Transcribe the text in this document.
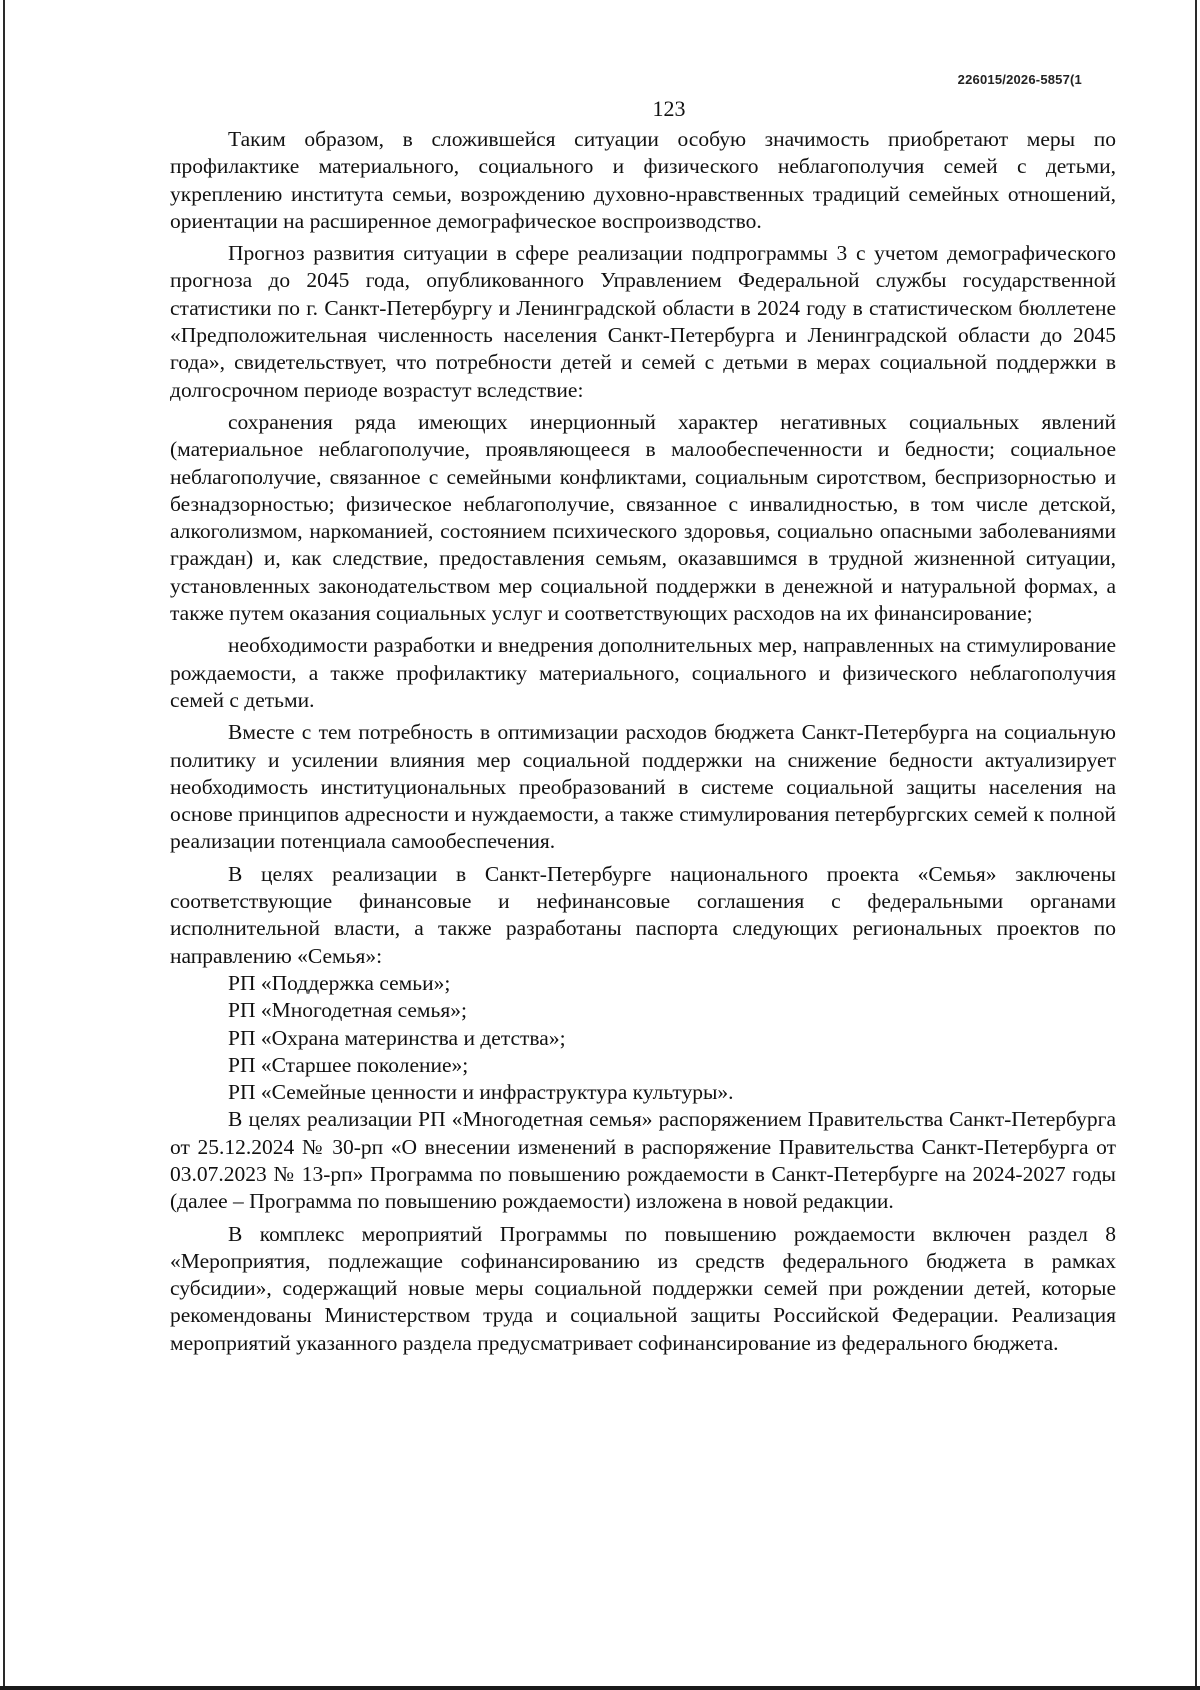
226015/2026-5857(1
123

Таким образом, в сложившейся ситуации особую значимость приобретают меры по профилактике материального, социального и физического неблагополучия семей с детьми, укреплению института семьи, возрождению духовно-нравственных традиций семейных отношений, ориентации на расширенное демографическое воспроизводство.

Прогноз развития ситуации в сфере реализации подпрограммы 3 с учетом демографического прогноза до 2045 года, опубликованного Управлением Федеральной службы государственной статистики по г. Санкт-Петербургу и Ленинградской области в 2024 году в статистическом бюллетене «Предположительная численность населения Санкт-Петербурга и Ленинградской области до 2045 года», свидетельствует, что потребности детей и семей с детьми в мерах социальной поддержки в долгосрочном периоде возрастут вследствие:

сохранения ряда имеющих инерционный характер негативных социальных явлений (материальное неблагополучие, проявляющееся в малообеспеченности и бедности; социальное неблагополучие, связанное с семейными конфликтами, социальным сиротством, беспризорностью и безнадзорностью; физическое неблагополучие, связанное с инвалидностью, в том числе детской, алкоголизмом, наркоманией, состоянием психического здоровья, социально опасными заболеваниями граждан) и, как следствие, предоставления семьям, оказавшимся в трудной жизненной ситуации, установленных законодательством мер социальной поддержки в денежной и натуральной формах, а также путем оказания социальных услуг и соответствующих расходов на их финансирование;

необходимости разработки и внедрения дополнительных мер, направленных на стимулирование рождаемости, а также профилактику материального, социального и физического неблагополучия семей с детьми.

Вместе с тем потребность в оптимизации расходов бюджета Санкт-Петербурга на социальную политику и усилении влияния мер социальной поддержки на снижение бедности актуализирует необходимость институциональных преобразований в системе социальной защиты населения на основе принципов адресности и нуждаемости, а также стимулирования петербургских семей к полной реализации потенциала самообеспечения.

В целях реализации в Санкт-Петербурге национального проекта «Семья» заключены соответствующие финансовые и нефинансовые соглашения с федеральными органами исполнительной власти, а также разработаны паспорта следующих региональных проектов по направлению «Семья»:

РП «Поддержка семьи»;

РП «Многодетная семья»;

РП «Охрана материнства и детства»;

РП «Старшее поколение»;

РП «Семейные ценности и инфраструктура культуры».

В целях реализации РП «Многодетная семья» распоряжением Правительства Санкт-Петербурга от 25.12.2024 № 30-рп «О внесении изменений в распоряжение Правительства Санкт-Петербурга от 03.07.2023 № 13-рп» Программа по повышению рождаемости в Санкт-Петербурге на 2024-2027 годы (далее – Программа по повышению рождаемости) изложена в новой редакции.

В комплекс мероприятий Программы по повышению рождаемости включен раздел 8 «Мероприятия, подлежащие софинансированию из средств федерального бюджета в рамках субсидии», содержащий новые меры социальной поддержки семей при рождении детей, которые рекомендованы Министерством труда и социальной защиты Российской Федерации. Реализация мероприятий указанного раздела предусматривает софинансирование из федерального бюджета.
